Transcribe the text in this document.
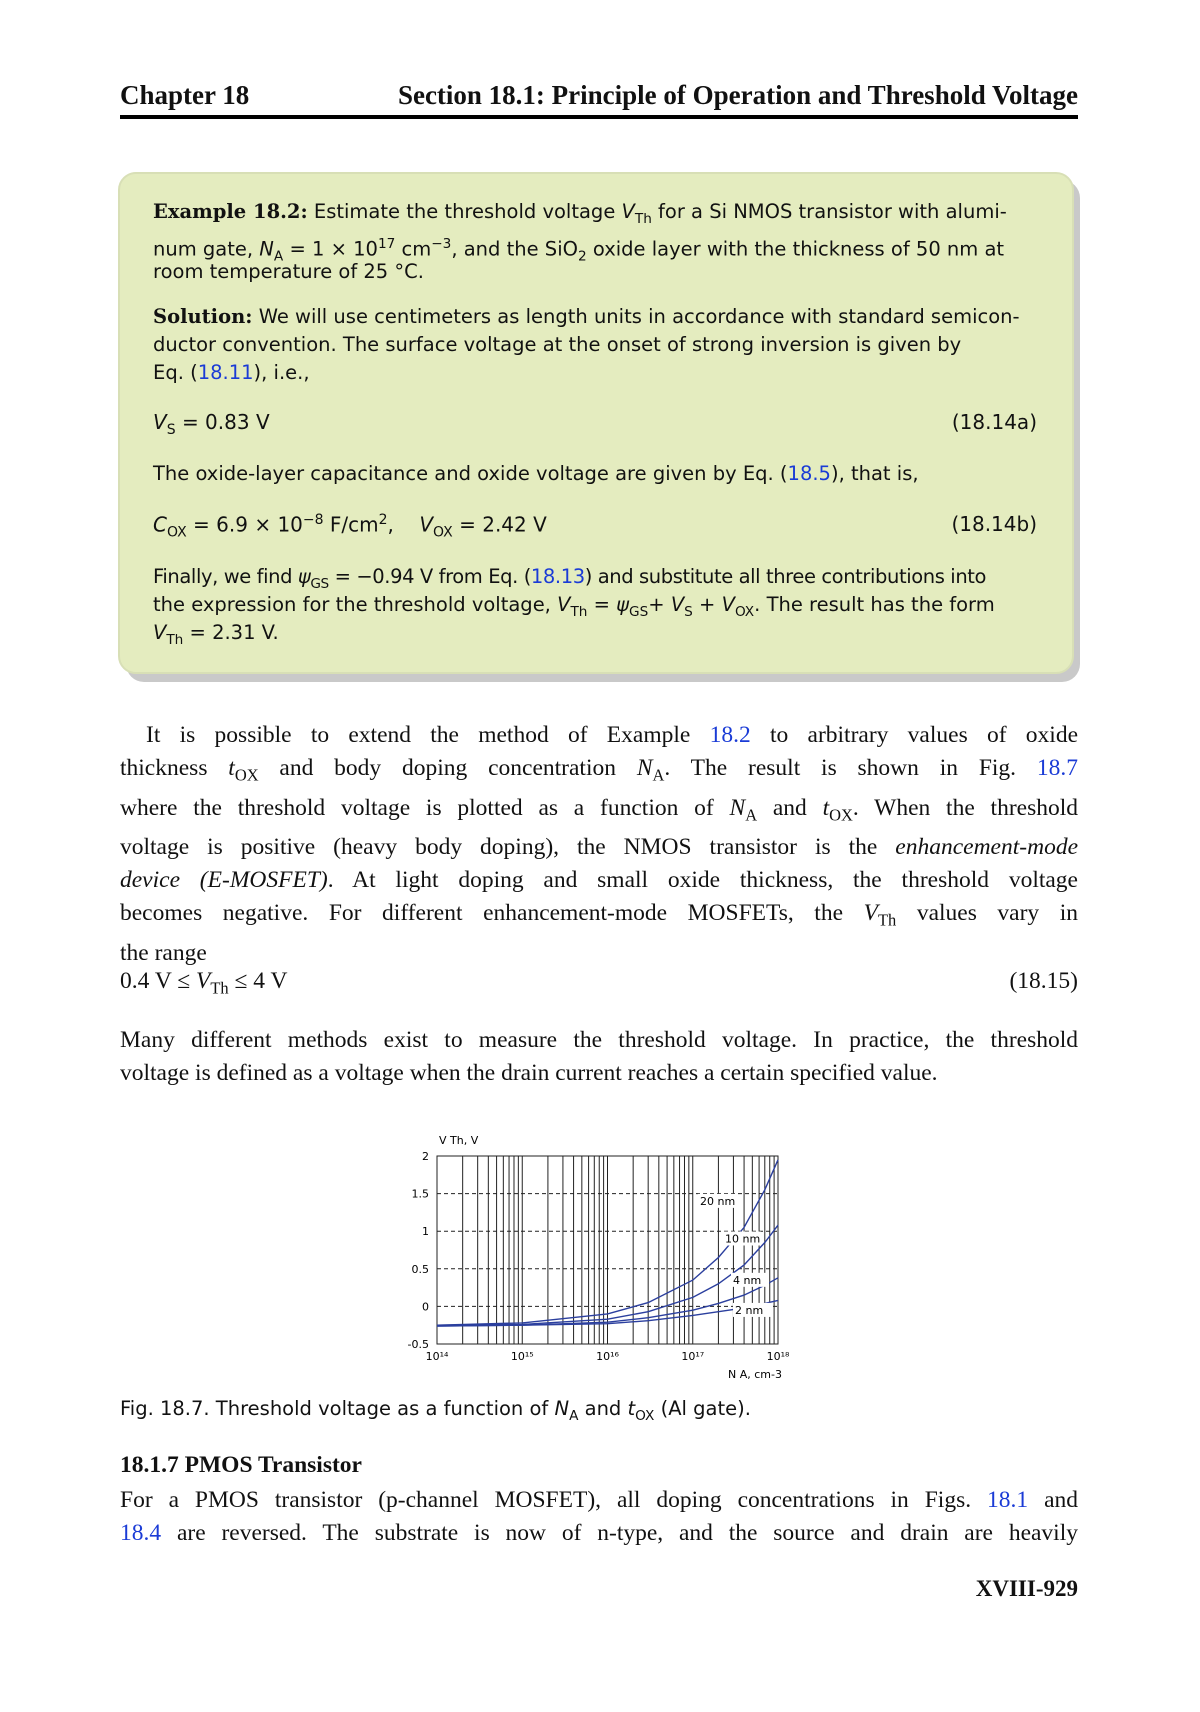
Chapter 18	Section 18.1: Principle of Operation and Threshold Voltage
Example 18.2: Estimate the threshold voltage $V_{Th}$ for a Si NMOS transistor with alumi-
num gate, $N_A = 1 \times 10^{17}$ $cm^{-3}$, and the SiO$_2$ oxide layer with the thickness of 50 nm at
room temperature of 25 °C.
Solution: We will use centimeters as length units in accordance with standard semicon-
ductor convention. The surface voltage at the onset of strong inversion is given by
Eq. (18.11), i.e.,
$V_S = 0.83$ V	(18.14a)
The oxide-layer capacitance and oxide voltage are given by Eq. (18.5), that is,
$C_{OX} = 6.9 \times 10^{-8}$ $F/cm^2$, $V_{OX} = 2.42$ V	(18.14b)
Finally, we find $\psi_{GS} = -0.94$ V from Eq. (18.13) and substitute all three contributions into
the expression for the threshold voltage, $V_{Th} = \psi_{GS}+ V_S + V_{OX}$. The result has the form
$V_{Th} = 2.31$ V.
It is possible to extend the method of Example 18.2 to arbitrary values of oxide
thickness $t_{OX}$ and body doping concentration $N_A$. The result is shown in Fig. 18.7
where the threshold voltage is plotted as a function of $N_A$ and $t_{OX}$. When the threshold
voltage is positive (heavy body doping), the NMOS transistor is the enhancement-mode
device (E-MOSFET). At light doping and small oxide thickness, the threshold voltage
becomes negative. For different enhancement-mode MOSFETs, the $V_{Th}$ values vary in
the range
0.4 $V \le V_{Th} \le 4$ V	(18.15)
Many different methods exist to measure the threshold voltage. In practice, the threshold
voltage is defined as a voltage when the drain current reaches a certain specified value.
-0.5
0
0.5
1
1.5
2
10¹⁴	10¹⁵	10¹⁶	10¹⁷	10¹⁸
V Th, V
N A, cm-3
20 nm
10 nm
4 nm
2 nm
Fig. 18.7. Threshold voltage as a function of $N_A$ and $t_{OX}$ (Al gate).
18.1.7 PMOS Transistor
For a PMOS transistor (p-channel MOSFET), all doping concentrations in Figs. 18.1 and
18.4 are reversed. The substrate is now of n-type, and the source and drain are heavily
XVIII-929
